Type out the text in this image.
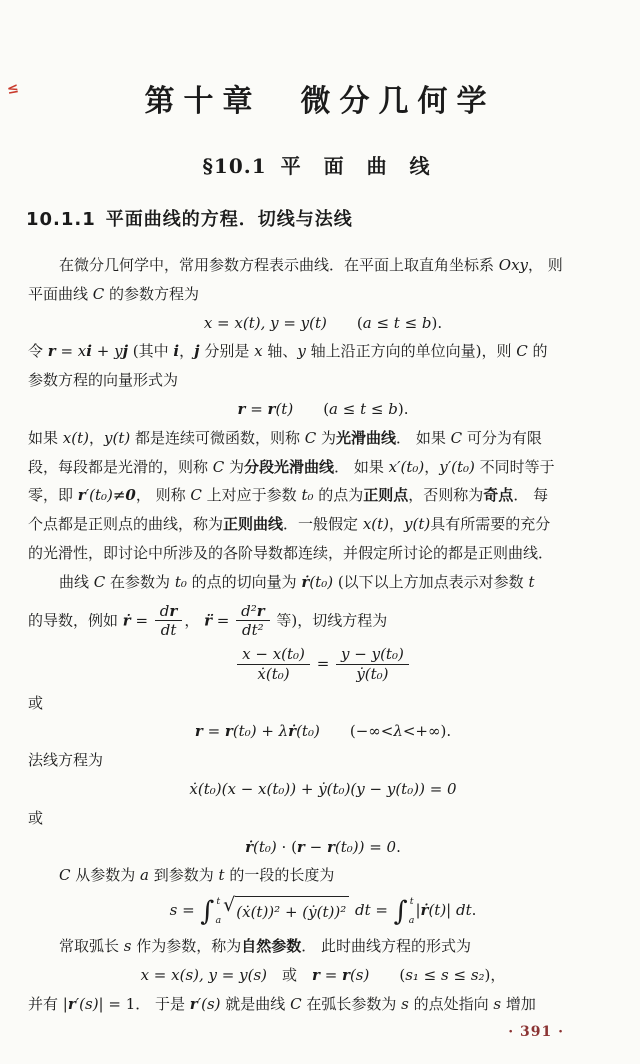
≤	第十章　微分几何学
§10.1 平 面 曲 线
10.1.1 平面曲线的方程．切线与法线
在微分几何学中，常用参数方程表示曲线．在平面上取直角坐标系 Oxy， 则
平面曲线 C 的参数方程为
x = x(t), y = y(t)　　(a ≤ t ≤ b).
令 r = xi + yj (其中 i，j 分别是 x 轴、y 轴上沿正方向的单位向量)，则 C 的
参数方程的向量形式为
r = r(t)　　(a ≤ t ≤ b).
如果 x(t)，y(t) 都是连续可微函数，则称 C 为光滑曲线． 如果 C 可分为有限
段，每段都是光滑的，则称 C 为分段光滑曲线． 如果 x′(t₀)，y′(t₀) 不同时等于
零，即 r′(t₀)≠0， 则称 C 上对应于参数 t₀ 的点为正则点，否则称为奇点． 每
个点都是正则点的曲线，称为正则曲线．一般假定 x(t)，y(t)具有所需要的充分
的光滑性，即讨论中所涉及的各阶导数都连续，并假定所讨论的都是正则曲线．
曲线 C 在参数为 t₀ 的点的切向量为 ṙ(t₀) (以下以上方加点表示对参数 t
的导数，例如 ṙ = $\frac{dr}{dt}$ ， r̈ = $\frac{\text{d²r}}{\text{dt²}}$ 等)，切线方程为
$\frac{\text{x − x(t₀)}}{\text{ẋ(t₀)}} = \frac{\text{y − y(t₀)}}{\text{ẏ(t₀)}}$
或
r = r(t₀) + λṙ(t₀)　　(−∞<λ<+∞).
法线方程为
ẋ(t₀)(x − x(t₀)) + ẏ(t₀)(y − y(t₀)) = 0
或
ṙ(t₀) · (r − r(t₀)) = 0.
C 从参数为 a 到参数为 t 的一段的长度为
s = ∫ t
a
√ (ẋ(t))² + (ẏ(t))² dt = ∫ t
a
|ṙ(t)| dt.
常取弧长 s 作为参数，称为自然参数． 此时曲线方程的形式为
x = x(s), y = y(s)　或　r = r(s)　　(s₁ ≤ s ≤ s₂)，
并有 |r′(s)| = 1． 于是 r′(s) 就是曲线 C 在弧长参数为 s 的点处指向 s 增加
· 391 ·
